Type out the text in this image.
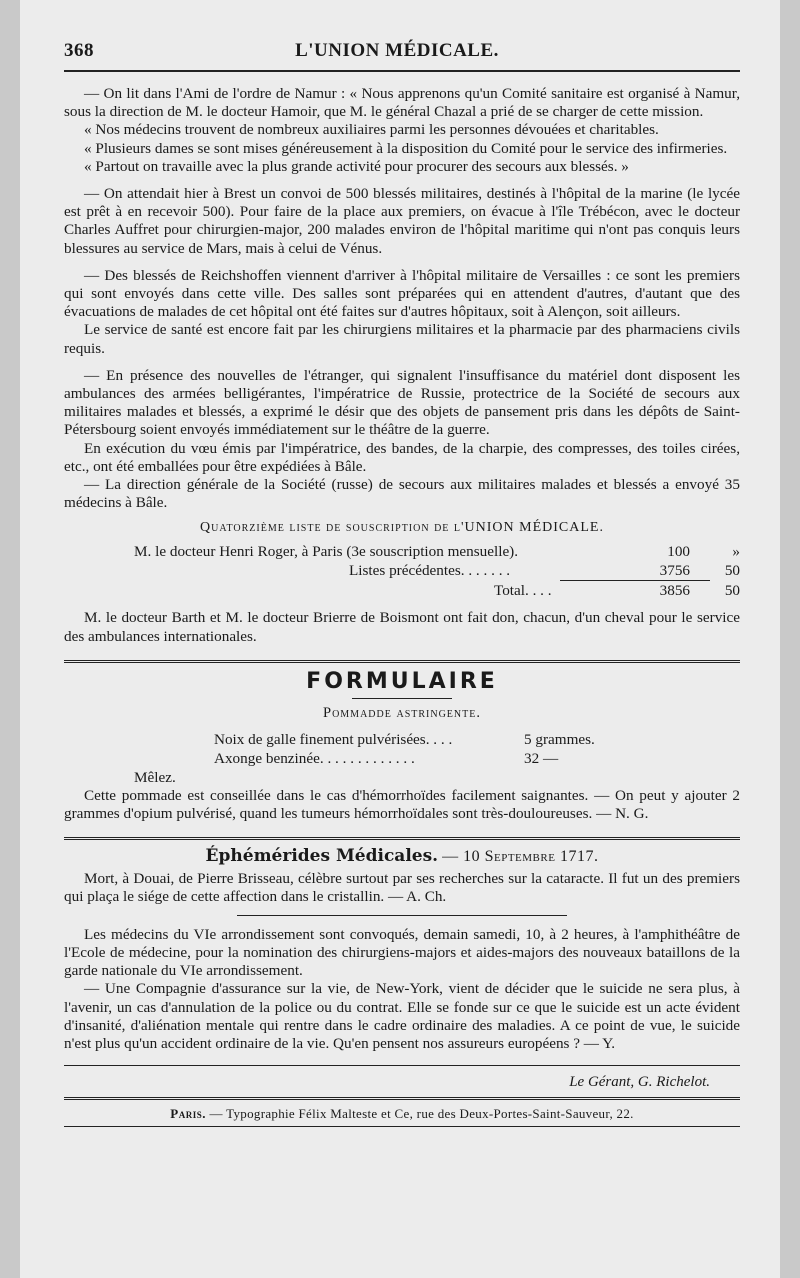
368	L'UNION MÉDICALE.

— On lit dans l'Ami de l'ordre de Namur : « Nous apprenons qu'un Comité sanitaire est organisé à Namur, sous la direction de M. le docteur Hamoir, que M. le général Chazal a prié de se charger de cette mission.

« Nos médecins trouvent de nombreux auxiliaires parmi les personnes dévouées et charitables.

« Plusieurs dames se sont mises généreusement à la disposition du Comité pour le service des infirmeries.

« Partout on travaille avec la plus grande activité pour procurer des secours aux blessés. »

— On attendait hier à Brest un convoi de 500 blessés militaires, destinés à l'hôpital de la marine (le lycée est prêt à en recevoir 500). Pour faire de la place aux premiers, on évacue à l'île Trébécon, avec le docteur Charles Auffret pour chirurgien-major, 200 malades environ de l'hôpital maritime qui n'ont pas conquis leurs blessures au service de Mars, mais à celui de Vénus.

— Des blessés de Reichshoffen viennent d'arriver à l'hôpital militaire de Versailles : ce sont les premiers qui sont envoyés dans cette ville. Des salles sont préparées qui en attendent d'autres, d'autant que des évacuations de malades de cet hôpital ont été faites sur d'autres hôpitaux, soit à Alençon, soit ailleurs.

Le service de santé est encore fait par les chirurgiens militaires et la pharmacie par des pharmaciens civils requis.

— En présence des nouvelles de l'étranger, qui signalent l'insuffisance du matériel dont disposent les ambulances des armées belligérantes, l'impératrice de Russie, protectrice de la Société de secours aux militaires malades et blessés, a exprimé le désir que des objets de pansement pris dans les dépôts de Saint-Pétersbourg soient envoyés immédiatement sur le théâtre de la guerre.

En exécution du vœu émis par l'impératrice, des bandes, de la charpie, des compresses, des toiles cirées, etc., ont été emballées pour être expédiées à Bâle.

— La direction générale de la Société (russe) de secours aux militaires malades et blessés a envoyé 35 médecins à Bâle.

Quatorzième liste de souscription de l'UNION MÉDICALE.
M. le docteur Henri Roger, à Paris (3e souscription mensuelle).	100	»
Listes précédentes. . . . . . .	3756	50
Total. . . .	3856	50

M. le docteur Barth et M. le docteur Brierre de Boismont ont fait don, chacun, d'un cheval pour le service des ambulances internationales.

FORMULAIRE
Pommadde astringente.
Noix de galle finement pulvérisées. . . .	5 grammes.
Axonge benzinée. . . . . . . . . . . . .	32 —
Mêlez.

Cette pommade est conseillée dans le cas d'hémorrhoïdes facilement saignantes. — On peut y ajouter 2 grammes d'opium pulvérisé, quand les tumeurs hémorrhoïdales sont très-douloureuses. — N. G.

Éphémérides Médicales. — 10 Septembre 1717.

Mort, à Douai, de Pierre Brisseau, célèbre surtout par ses recherches sur la cataracte. Il fut un des premiers qui plaça le siége de cette affection dans le cristallin. — A. Ch.

Les médecins du VIe arrondissement sont convoqués, demain samedi, 10, à 2 heures, à l'amphithéâtre de l'Ecole de médecine, pour la nomination des chirurgiens-majors et aides-majors des nouveaux bataillons de la garde nationale du VIe arrondissement.

— Une Compagnie d'assurance sur la vie, de New-York, vient de décider que le suicide ne sera plus, à l'avenir, un cas d'annulation de la police ou du contrat. Elle se fonde sur ce que le suicide est un acte évident d'insanité, d'aliénation mentale qui rentre dans le cadre ordinaire des maladies. A ce point de vue, le suicide n'est plus qu'un accident ordinaire de la vie. Qu'en pensent nos assureurs européens ? — Y.

Le Gérant, G. Richelot.
Paris. — Typographie Félix Malteste et Ce, rue des Deux-Portes-Saint-Sauveur, 22.
